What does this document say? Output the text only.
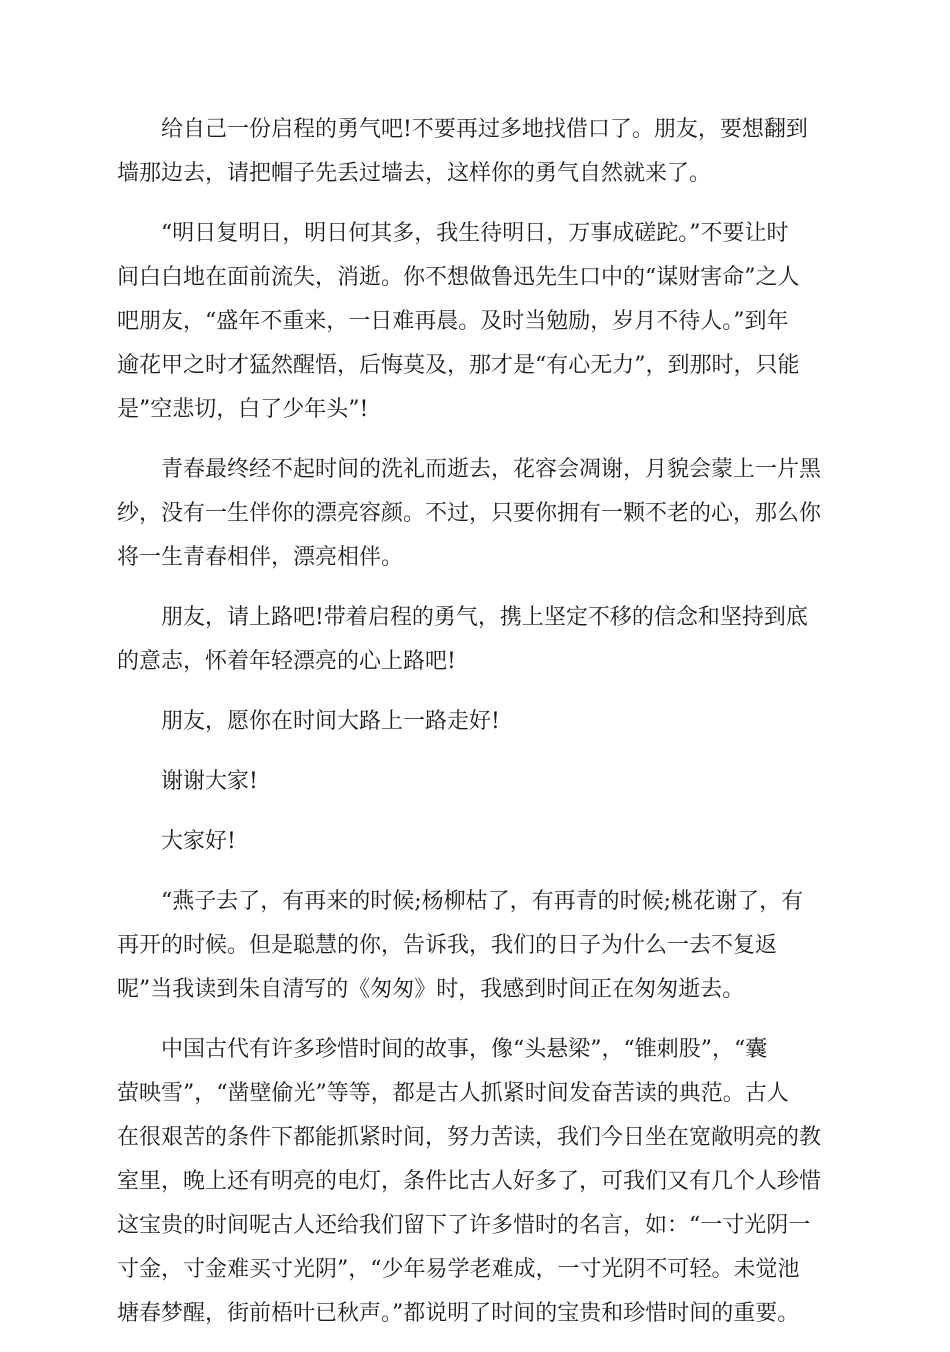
给自己一份启程的勇气吧!不要再过多地找借口了。朋友，要想翻到
墙那边去，请把帽子先丢过墙去，这样你的勇气自然就来了。

“明日复明日，明日何其多，我生待明日，万事成磋跎。”不要让时
间白白地在面前流失，消逝。你不想做鲁迅先生口中的“谋财害命”之人
吧朋友，“盛年不重来，一日难再晨。及时当勉励，岁月不待人。”到年
逾花甲之时才猛然醒悟，后悔莫及，那才是“有心无力”，到那时，只能
是”空悲切，白了少年头”!

青春最终经不起时间的洗礼而逝去，花容会凋谢，月貌会蒙上一片黑
纱，没有一生伴你的漂亮容颜。不过，只要你拥有一颗不老的心，那么你
将一生青春相伴，漂亮相伴。

朋友，请上路吧!带着启程的勇气，携上坚定不移的信念和坚持到底
的意志，怀着年轻漂亮的心上路吧!

朋友，愿你在时间大路上一路走好!

谢谢大家!

大家好!

“燕子去了，有再来的时候;杨柳枯了，有再青的时候;桃花谢了，有
再开的时候。但是聪慧的你，告诉我，我们的日子为什么一去不复返
呢”当我读到朱自清写的《匆匆》时，我感到时间正在匆匆逝去。

中国古代有许多珍惜时间的故事，像“头悬梁”，“锥刺股”，“囊
萤映雪”，“凿壁偷光”等等，都是古人抓紧时间发奋苦读的典范。古人
在很艰苦的条件下都能抓紧时间，努力苦读，我们今日坐在宽敞明亮的教
室里，晚上还有明亮的电灯，条件比古人好多了，可我们又有几个人珍惜
这宝贵的时间呢古人还给我们留下了许多惜时的名言，如：“一寸光阴一
寸金，寸金难买寸光阴”，“少年易学老难成，一寸光阴不可轻。未觉池
塘春梦醒，街前梧叶已秋声。”都说明了时间的宝贵和珍惜时间的重要。
